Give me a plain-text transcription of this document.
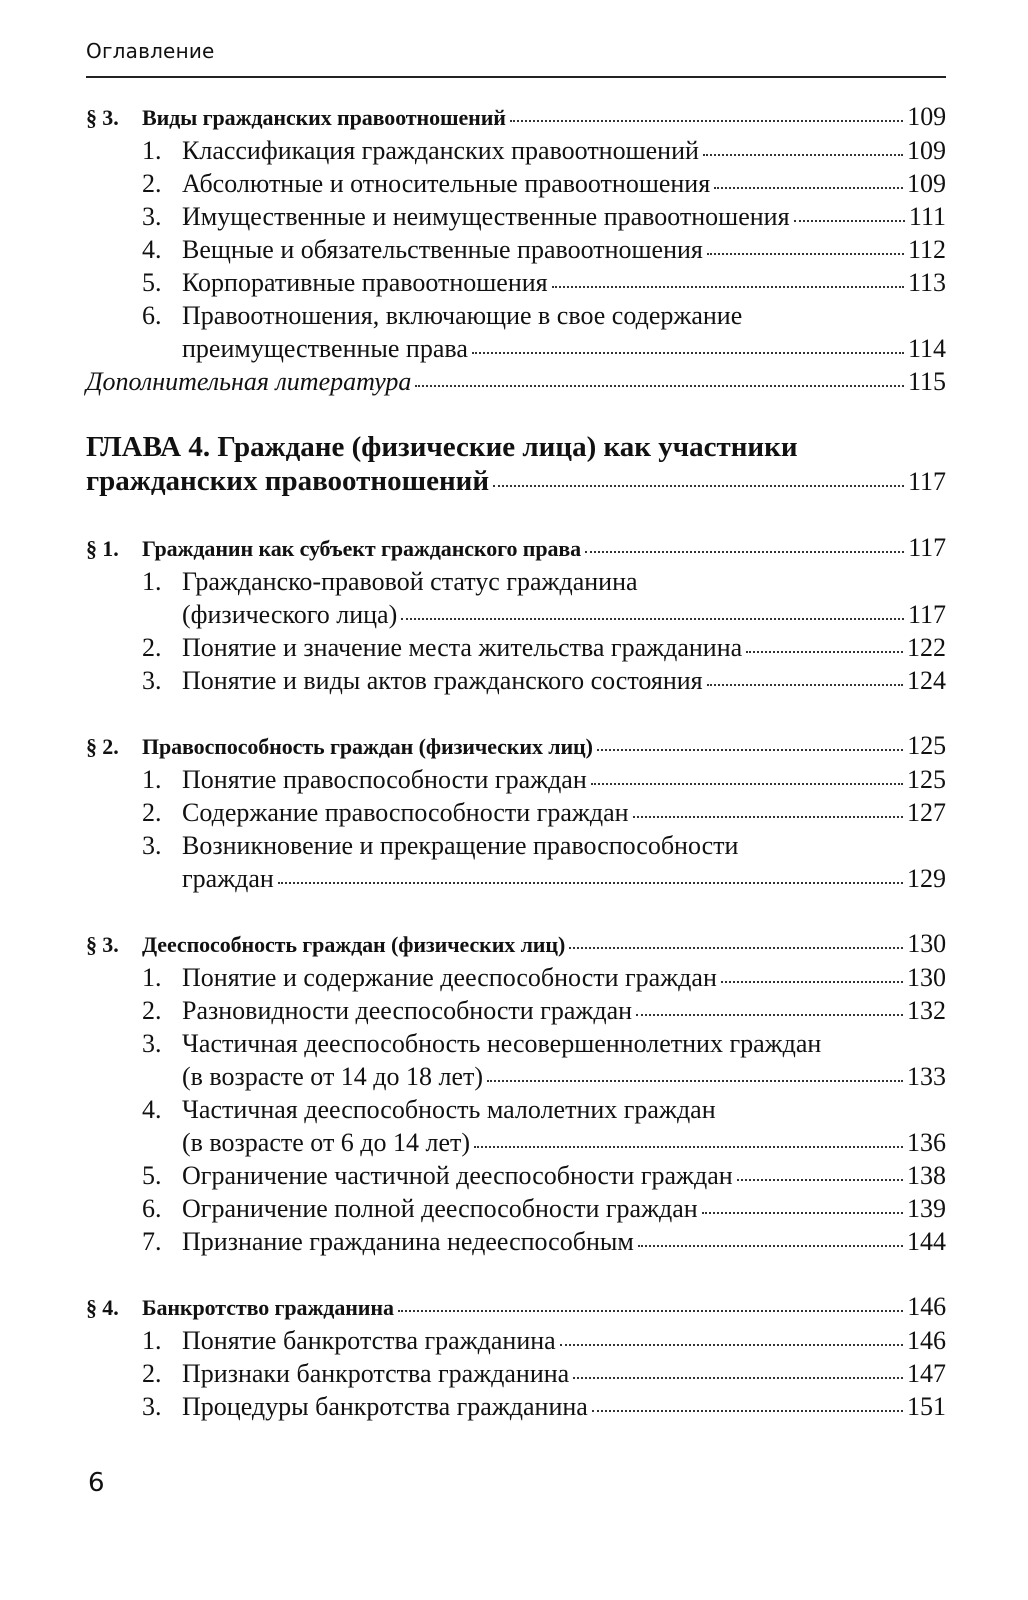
Оглавление
§ 3.	Виды гражданских правоотношений	109
1. Классификация гражданских правоотношений	109
2. Абсолютные и относительные правоотношения	109
3. Имущественные и неимущественные правоотношения	111
4. Вещные и обязательственные правоотношения	112
5. Корпоративные правоотношения	113
6. Правоотношения, включающие в свое содержание
преимущественные права	114
Дополнительная литература	115
ГЛАВА 4. Граждане (физические лица) как участники
гражданских правоотношений	117
§ 1.	Гражданин как субъект гражданского права	117
1. Гражданско-правовой статус гражданина
(физического лица)	117
2. Понятие и значение места жительства гражданина	122
3. Понятие и виды актов гражданского состояния	124
§ 2.	Правоспособность граждан (физических лиц)	125
1. Понятие правоспособности граждан	125
2. Содержание правоспособности граждан	127
3. Возникновение и прекращение правоспособности
граждан	129
§ 3.	Дееспособность граждан (физических лиц)	130
1. Понятие и содержание дееспособности граждан	130
2. Разновидности дееспособности граждан	132
3. Частичная дееспособность несовершеннолетних граждан
(в возрасте от 14 до 18 лет)	133
4. Частичная дееспособность малолетних граждан
(в возрасте от 6 до 14 лет)	136
5. Ограничение частичной дееспособности граждан	138
6. Ограничение полной дееспособности граждан	139
7. Признание гражданина недееспособным	144
§ 4.	Банкротство гражданина	146
1. Понятие банкротства гражданина	146
2. Признаки банкротства гражданина	147
3. Процедуры банкротства гражданина	151
6
